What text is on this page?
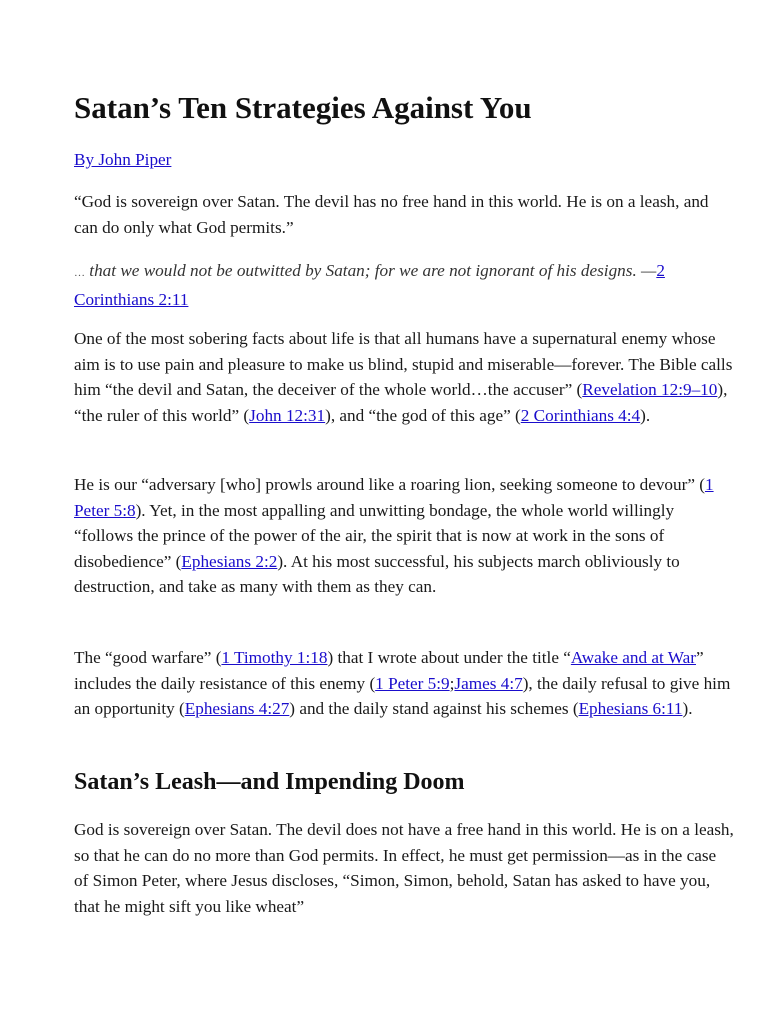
Satan’s Ten Strategies Against You

By John Piper

“God is sovereign over Satan. The devil has no free hand in this world. He is on a leash, and can do only what God permits.”

… that we would not be outwitted by Satan; for we are not ignorant of his designs. —2 Corinthians 2:11

One of the most sobering facts about life is that all humans have a supernatural enemy whose aim is to use pain and pleasure to make us blind, stupid and miserable—forever. The Bible calls him “the devil and Satan, the deceiver of the whole world…the accuser” (Revelation 12:9–10), “the ruler of this world” (John 12:31), and “the god of this age” (2 Corinthians 4:4).

He is our “adversary [who] prowls around like a roaring lion, seeking someone to devour” (1 Peter 5:8). Yet, in the most appalling and unwitting bondage, the whole world willingly “follows the prince of the power of the air, the spirit that is now at work in the sons of disobedience” (Ephesians 2:2). At his most successful, his subjects march obliviously to destruction, and take as many with them as they can.

The “good warfare” (1 Timothy 1:18) that I wrote about under the title “Awake and at War” includes the daily resistance of this enemy (1 Peter 5:9;James 4:7), the daily refusal to give him an opportunity (Ephesians 4:27) and the daily stand against his schemes (Ephesians 6:11).

Satan’s Leash—and Impending Doom

God is sovereign over Satan. The devil does not have a free hand in this world. He is on a leash, so that he can do no more than God permits. In effect, he must get permission—as in the case of Simon Peter, where Jesus discloses, “Simon, Simon, behold, Satan has asked to have you, that he might sift you like wheat”
